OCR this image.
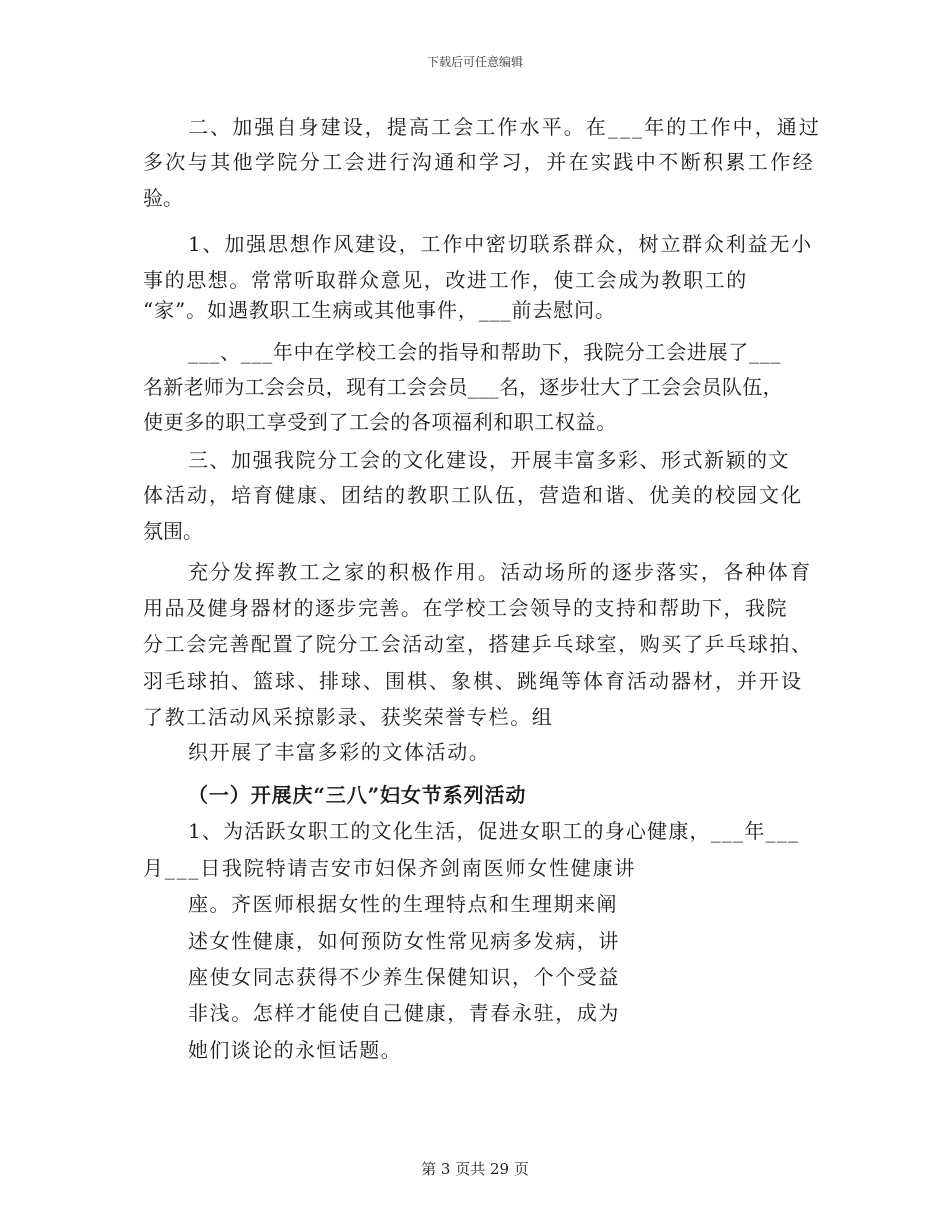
下载后可任意编辑
二、加强自身建设，提高工会工作水平。在___年的工作中，通过
多次与其他学院分工会进行沟通和学习，并在实践中不断积累工作经
验。
1、加强思想作风建设，工作中密切联系群众，树立群众利益无小
事的思想。常常听取群众意见，改进工作，使工会成为教职工的
“家”。如遇教职工生病或其他事件，___前去慰问。
___、___年中在学校工会的指导和帮助下，我院分工会进展了___
名新老师为工会会员，现有工会会员___名，逐步壮大了工会会员队伍，
使更多的职工享受到了工会的各项福利和职工权益。
三、加强我院分工会的文化建设，开展丰富多彩、形式新颖的文
体活动，培育健康、团结的教职工队伍，营造和谐、优美的校园文化
氛围。
充分发挥教工之家的积极作用。活动场所的逐步落实，各种体育
用品及健身器材的逐步完善。在学校工会领导的支持和帮助下，我院
分工会完善配置了院分工会活动室，搭建乒乓球室，购买了乒乓球拍、
羽毛球拍、篮球、排球、围棋、象棋、跳绳等体育活动器材，并开设
了教工活动风采掠影录、获奖荣誉专栏。组
织开展了丰富多彩的文体活动。
（一）开展庆“三八”妇女节系列活动
1、为活跃女职工的文化生活，促进女职工的身心健康，___年___
月___日我院特请吉安市妇保齐剑南医师女性健康讲
座。齐医师根据女性的生理特点和生理期来阐
述女性健康，如何预防女性常见病多发病，讲
座使女同志获得不少养生保健知识，个个受益
非浅。怎样才能使自己健康，青春永驻，成为
她们谈论的永恒话题。
第 3 页共 29 页
